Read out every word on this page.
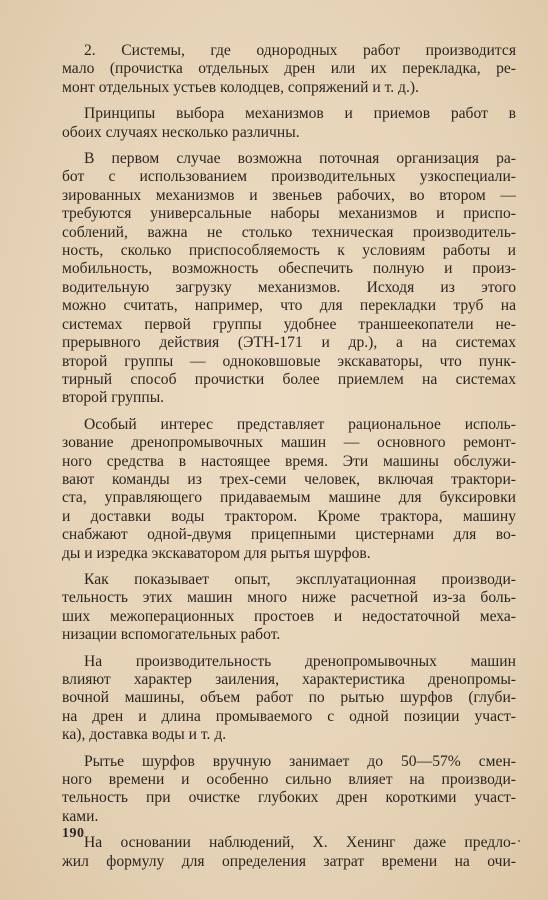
2. Системы, где однородных работ производится
мало (прочистка отдельных дрен или их перекладка, ре-
монт отдельных устьев колодцев, сопряжений и т. д.).

Принципы выбора механизмов и приемов работ в
обоих случаях несколько различны.

В первом случае возможна поточная организация ра-
бот с использованием производительных узкоспециали-
зированных механизмов и звеньев рабочих, во втором —
требуются универсальные наборы механизмов и приспо-
соблений, важна не столько техническая производитель-
ность, сколько приспособляемость к условиям работы и
мобильность, возможность обеспечить полную и произ-
водительную загрузку механизмов. Исходя из этого
можно считать, например, что для перекладки труб на
системах первой группы удобнее траншеекопатели не-
прерывного действия (ЭТН-171 и др.), а на системах
второй группы — одноковшовые экскаваторы, что пунк-
тирный способ прочистки более приемлем на системах
второй группы.

Особый интерес представляет рациональное исполь-
зование дренопромывочных машин — основного ремонт-
ного средства в настоящее время. Эти машины обслужи-
вают команды из трех-семи человек, включая трактори-
ста, управляющего придаваемым машине для буксировки
и доставки воды трактором. Кроме трактора, машину
снабжают одной-двумя прицепными цистернами для во-
ды и изредка экскаватором для рытья шурфов.

Как показывает опыт, эксплуатационная производи-
тельность этих машин много ниже расчетной из-за боль-
ших межоперационных простоев и недостаточной меха-
низации вспомогательных работ.

На производительность дренопромывочных машин
влияют характер заиления, характеристика дренопромы-
вочной машины, объем работ по рытью шурфов (глуби-
на дрен и длина промываемого с одной позиции участ-
ка), доставка воды и т. д.

Рытье шурфов вручную занимает до 50—57% смен-
ного времени и особенно сильно влияет на производи-
тельность при очистке глубоких дрен короткими участ-
ками.

На основании наблюдений, Х. Хенинг даже предло-
жил формулу для определения затрат времени на очи-

190
